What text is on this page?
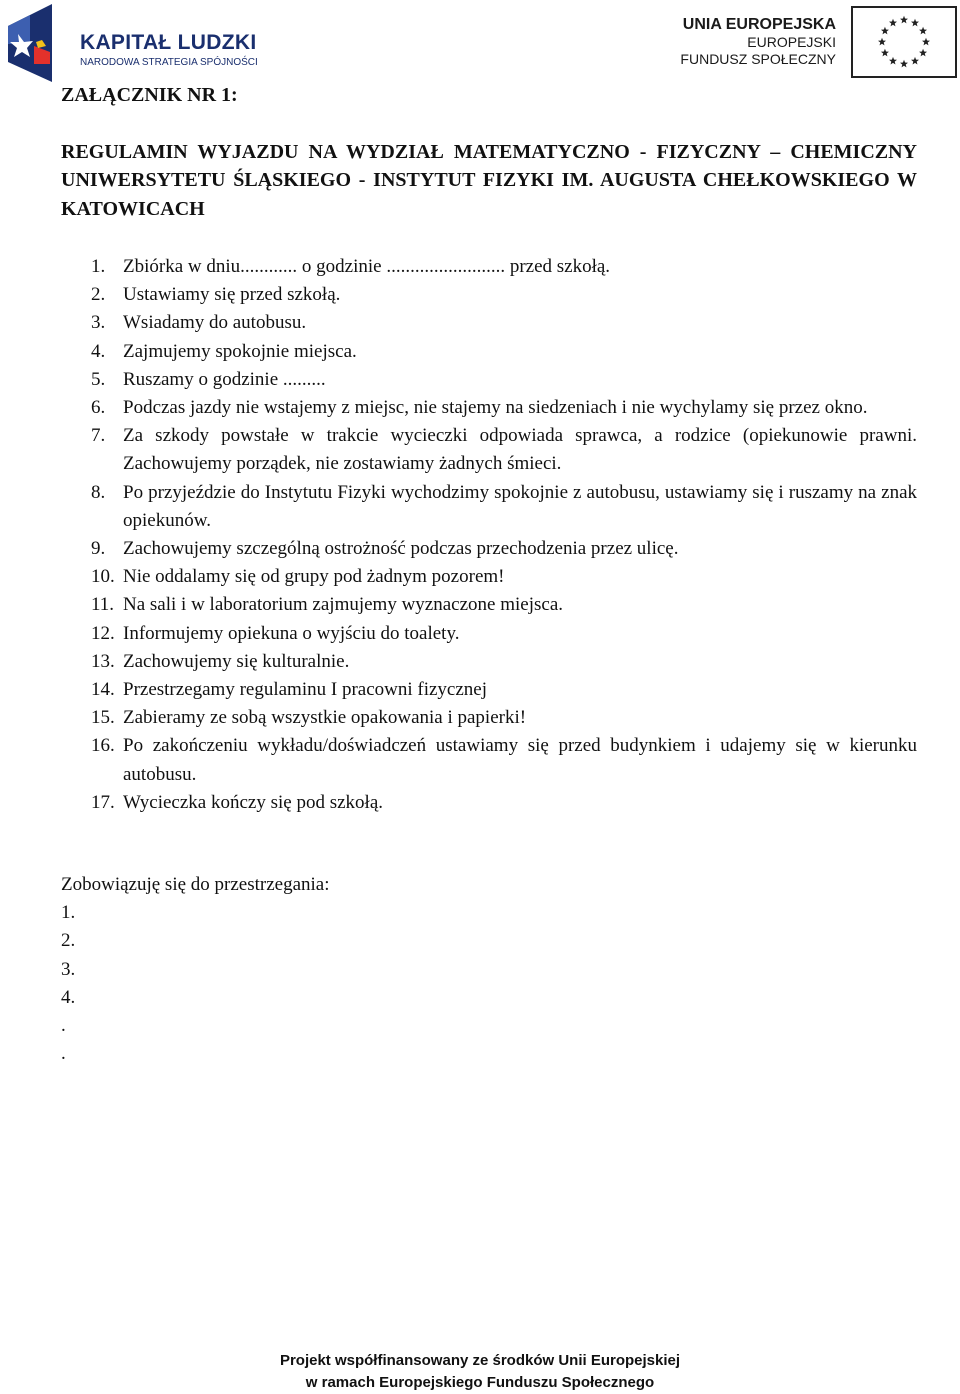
KAPITAŁ LUDZKI
NARODOWA STRATEGIA SPÓJNOŚCI
UNIA EUROPEJSKA
EUROPEJSKI
FUNDUSZ SPOŁECZNY
ZAŁĄCZNIK NR 1:
REGULAMIN WYJAZDU NA WYDZIAŁ MATEMATYCZNO - FIZYCZNY – CHEMICZNY UNIWERSYTETU ŚLĄSKIEGO - INSTYTUT FIZYKI IM. AUGUSTA CHEŁKOWSKIEGO W KATOWICACH
1. Zbiórka w dniu............ o godzinie ......................... przed szkołą.
2. Ustawiamy się przed szkołą.
3. Wsiadamy do autobusu.
4. Zajmujemy spokojnie miejsca.
5. Ruszamy o godzinie .........
6. Podczas jazdy nie wstajemy z miejsc, nie stajemy na siedzeniach i nie wychylamy się przez okno.
7. Za szkody powstałe w trakcie wycieczki odpowiada sprawca, a rodzice (opiekunowie prawni. Zachowujemy porządek, nie zostawiamy żadnych śmieci.
8. Po przyjeździe do Instytutu Fizyki wychodzimy spokojnie z autobusu, ustawiamy się i ruszamy na znak opiekunów.
9. Zachowujemy szczególną ostrożność podczas przechodzenia przez ulicę.
10. Nie oddalamy się od grupy pod żadnym pozorem!
11. Na sali i w laboratorium zajmujemy wyznaczone miejsca.
12. Informujemy opiekuna o wyjściu do toalety.
13. Zachowujemy się kulturalnie.
14. Przestrzegamy regulaminu I pracowni fizycznej
15. Zabieramy ze sobą wszystkie opakowania i papierki!
16. Po zakończeniu wykładu/doświadczeń ustawiamy się przed budynkiem i udajemy się w kierunku autobusu.
17. Wycieczka kończy się pod szkołą.
Zobowiązuję się do przestrzegania:
1.
2.
3.
4.
.
.
Projekt współfinansowany ze środków Unii Europejskiej
w ramach Europejskiego Funduszu Społecznego
